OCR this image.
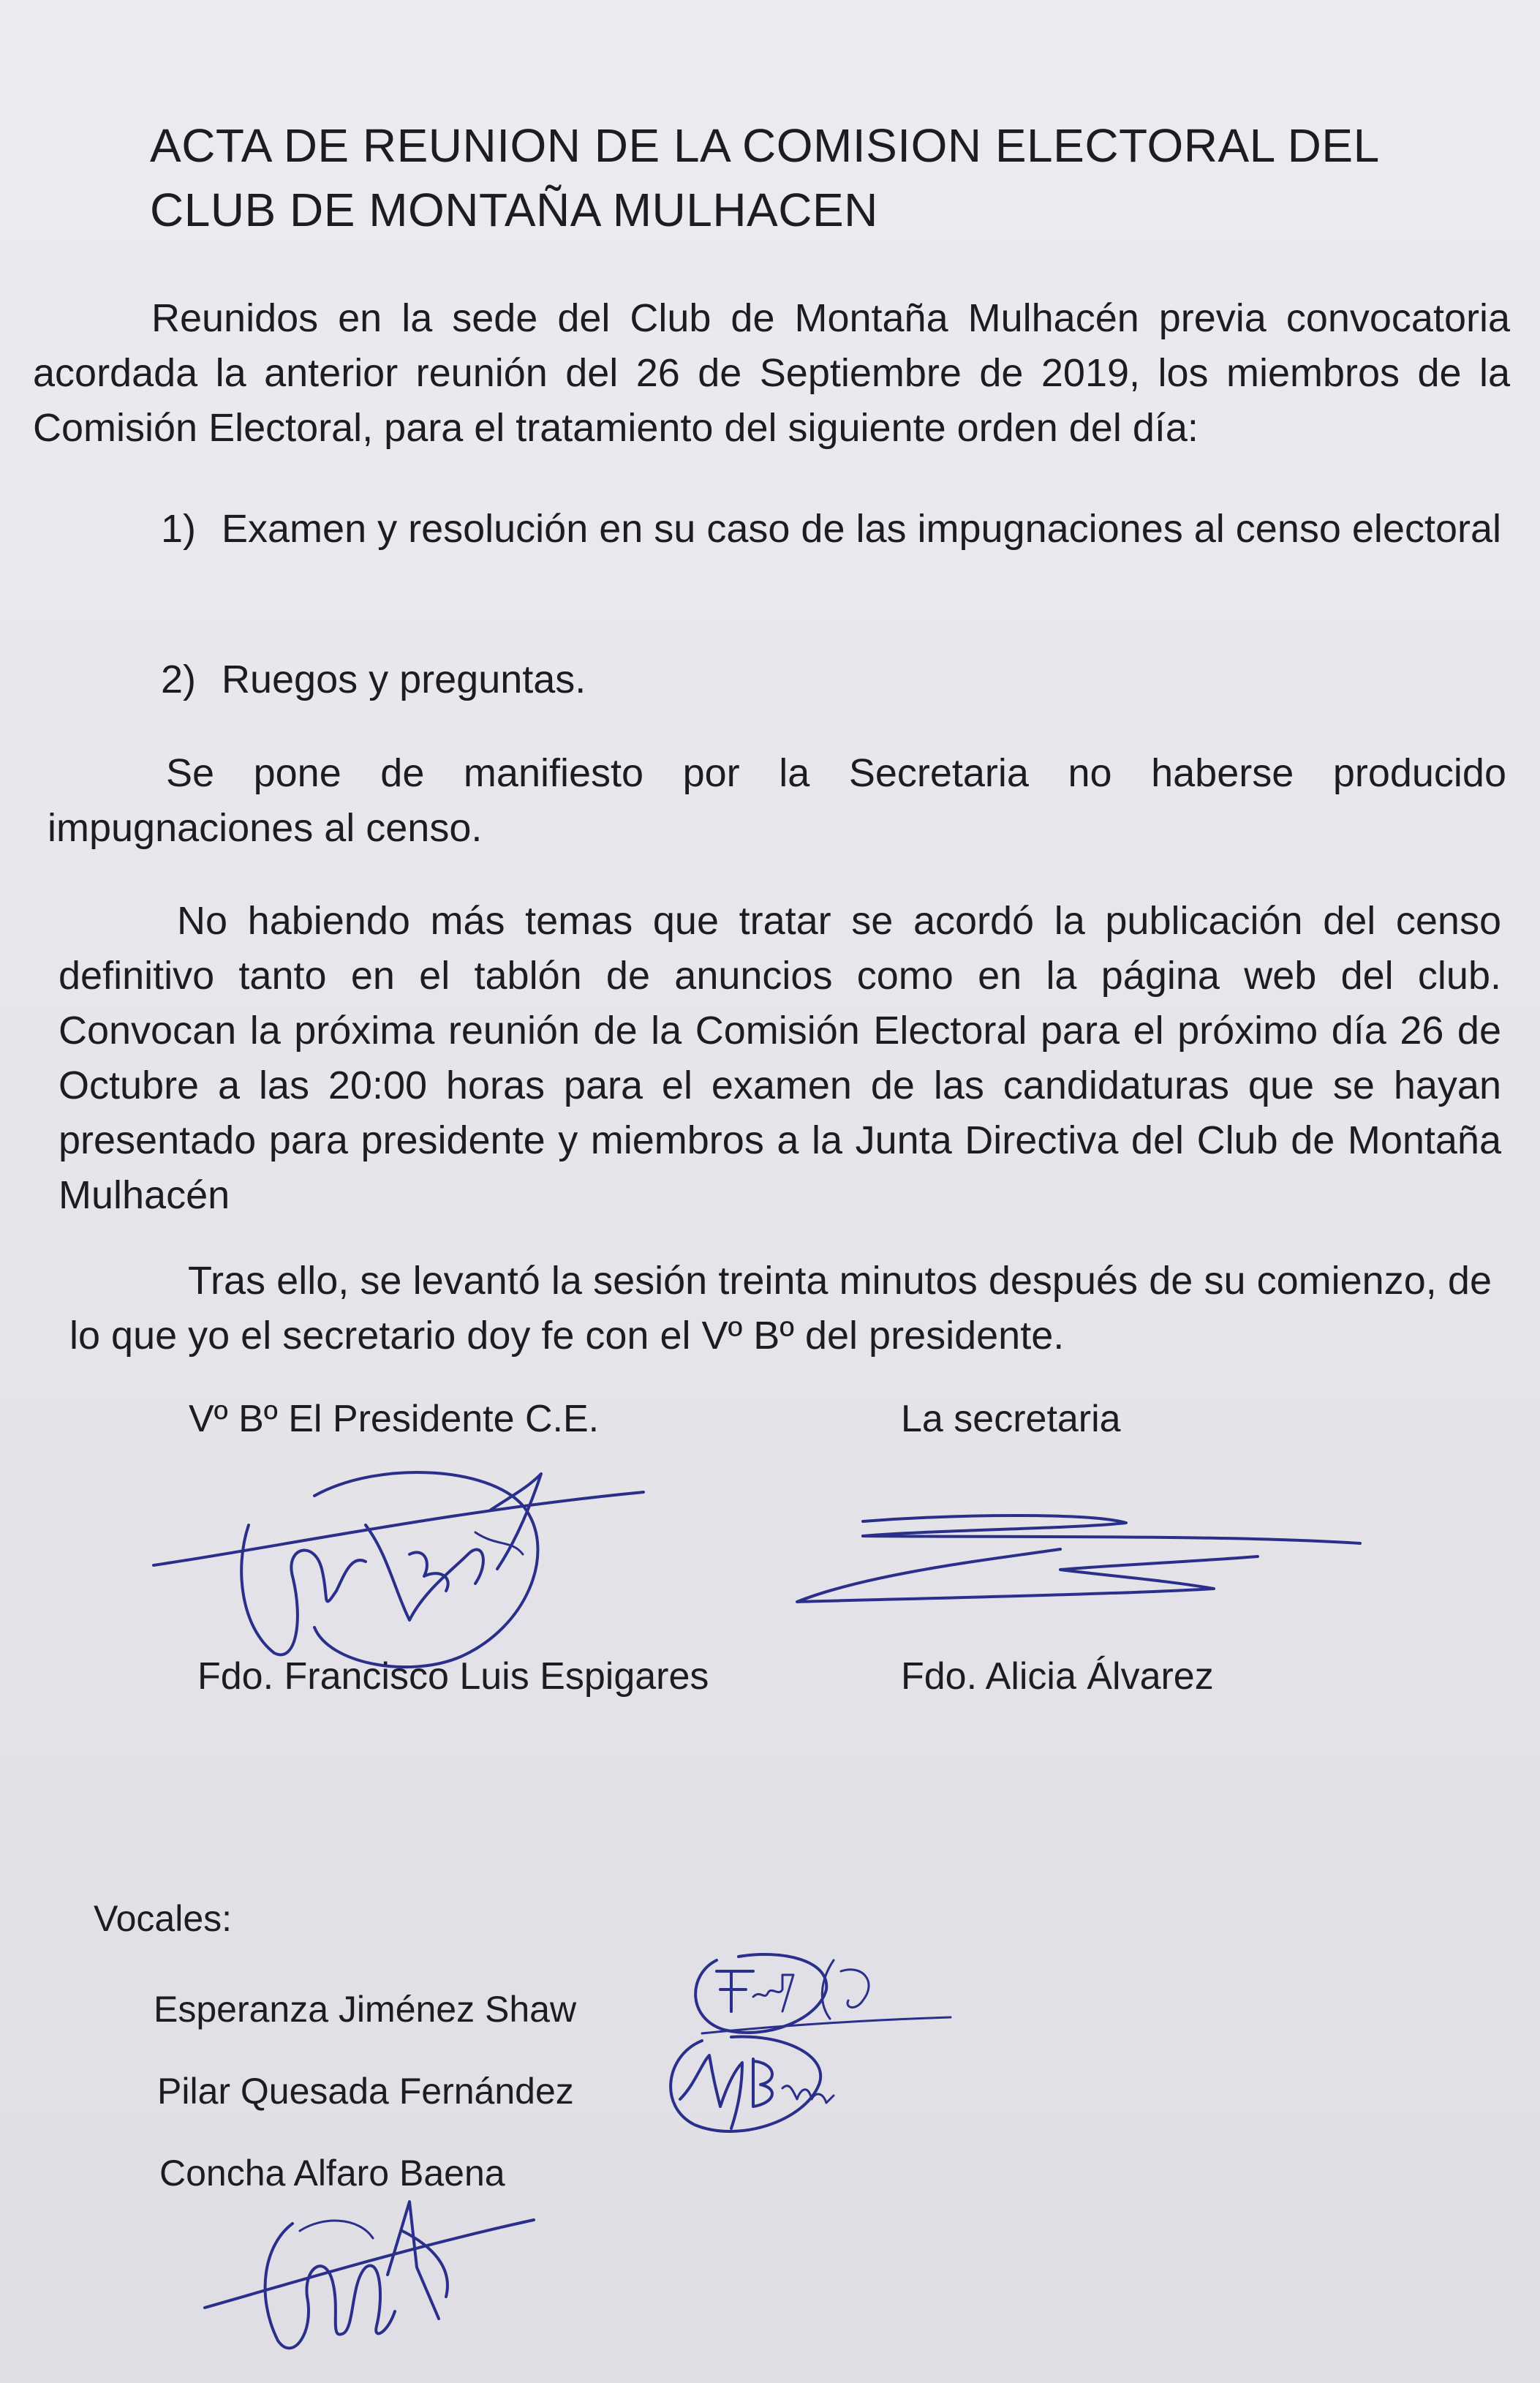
ACTA DE REUNION DE LA COMISION ELECTORAL DEL
CLUB DE MONTAÑA MULHACEN
Reunidos en la sede del Club de Montaña Mulhacén previa convocatoria acordada la anterior reunión del 26 de Septiembre de 2019, los miembros de la Comisión Electoral, para el tratamiento del siguiente orden del día:
1) Examen y resolución en su caso de las impugnaciones al censo electoral
2) Ruegos y preguntas.
Se pone de manifiesto por la Secretaria no haberse producido impugnaciones al censo.
No habiendo más temas que tratar se acordó la publicación del censo definitivo tanto en el tablón de anuncios como en la página web del club. Convocan la próxima reunión de la Comisión Electoral para el próximo día 26 de Octubre a las 20:00 horas para el examen de las candidaturas que se hayan presentado para presidente y miembros a la Junta Directiva del Club de Montaña Mulhacén
Tras ello, se levantó la sesión treinta minutos después de su comienzo, de lo que yo el secretario doy fe con el Vº Bº del presidente.
Vº Bº El Presidente C.E.	La secretaria
Fdo. Francisco Luis Espigares	Fdo. Alicia Álvarez
Vocales:
Esperanza Jiménez Shaw
Pilar Quesada Fernández
Concha Alfaro Baena
